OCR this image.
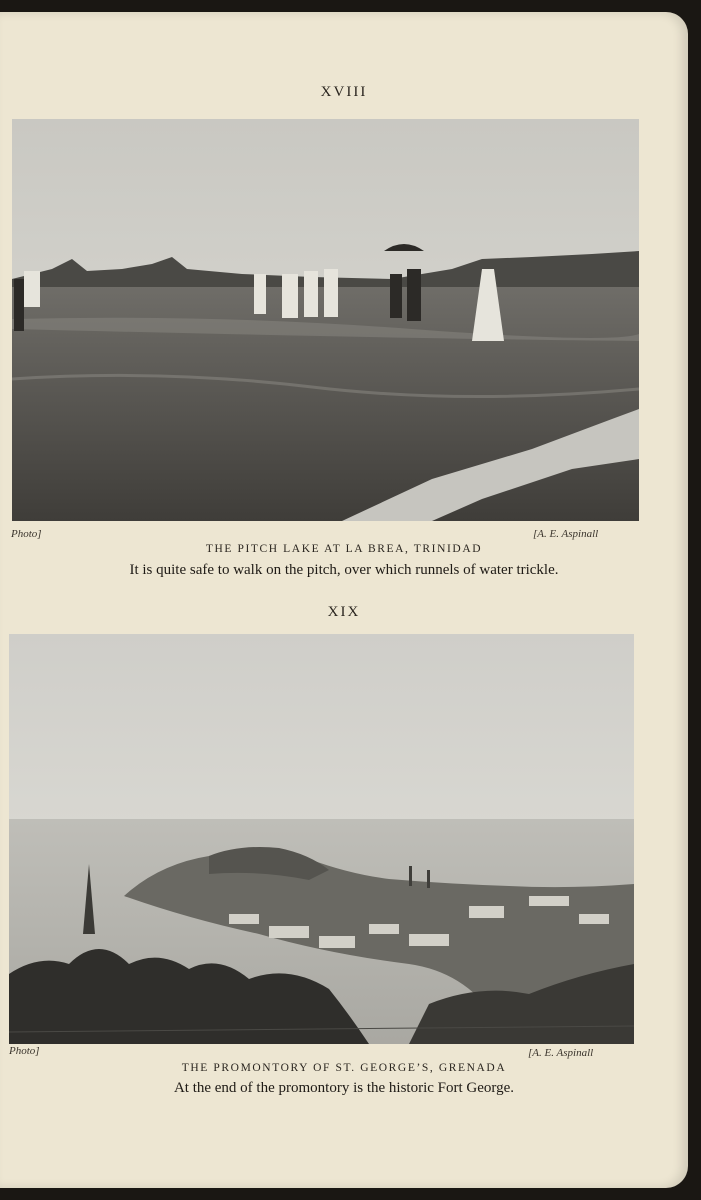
XVIII
Photo]	[A. E. Aspinall
THE PITCH LAKE AT LA BREA, TRINIDAD
It is quite safe to walk on the pitch, over which runnels of water trickle.
XIX
Photo]	[A. E. Aspinall
THE PROMONTORY OF ST. GEORGE’S, GRENADA
At the end of the promontory is the historic Fort George.
